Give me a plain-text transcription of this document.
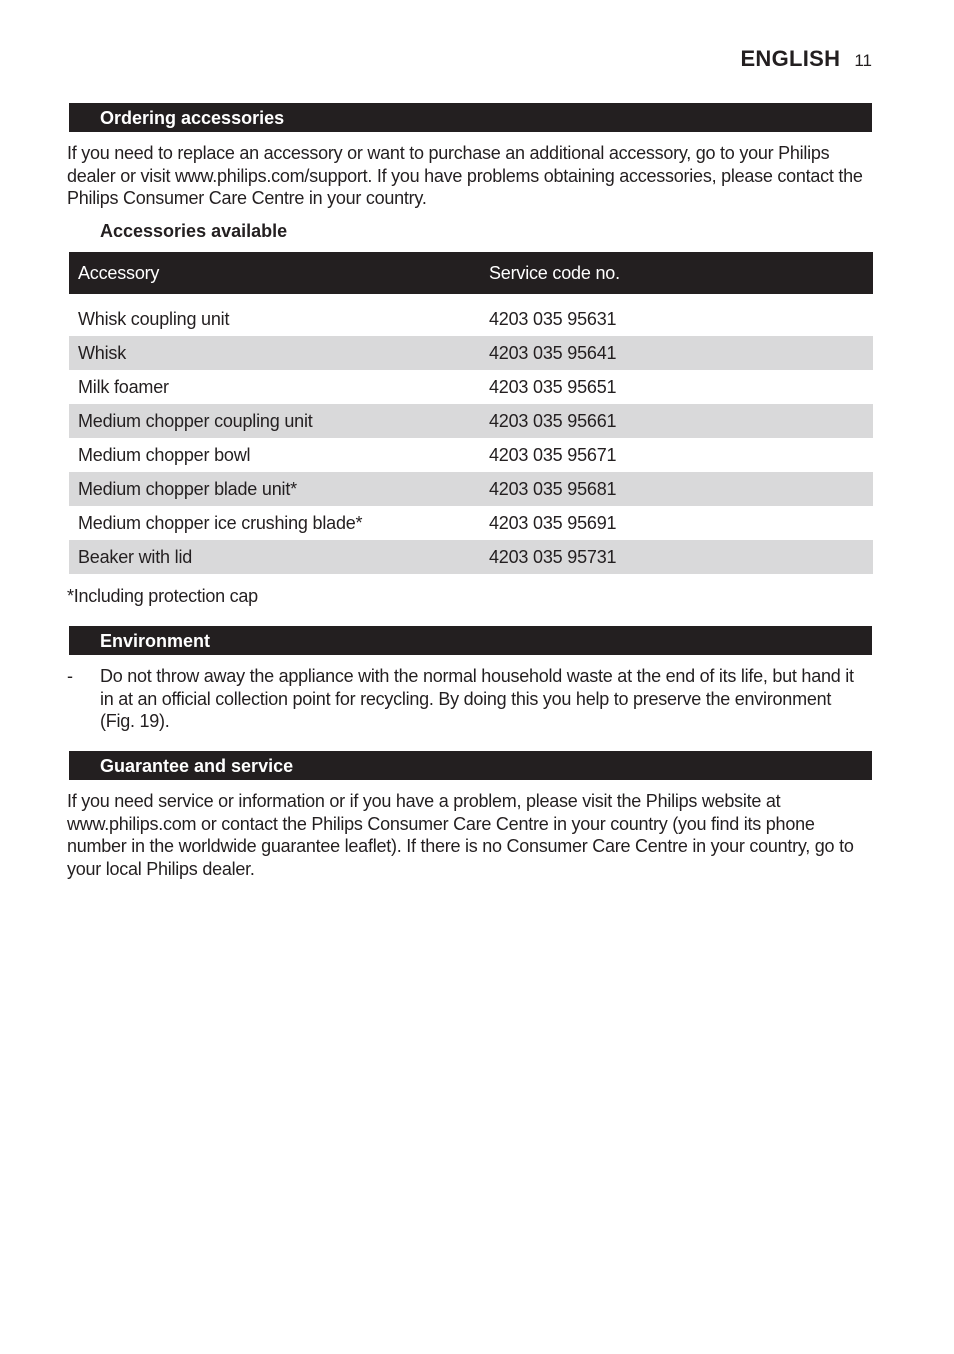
ENGLISH 11
Ordering accessories
If you need to replace an accessory or want to purchase an additional accessory, go to your Philips dealer or visit www.philips.com/support. If you have problems obtaining accessories, please contact the Philips Consumer Care Centre in your country.
Accessories available
Accessory	Service code no.

Whisk coupling unit	4203 035 95631
Whisk	4203 035 95641
Milk foamer	4203 035 95651
Medium chopper coupling unit	4203 035 95661
Medium chopper bowl	4203 035 95671
Medium chopper blade unit*	4203 035 95681
Medium chopper ice crushing blade*	4203 035 95691
Beaker with lid	4203 035 95731
*Including protection cap
Environment
-	Do not throw away the appliance with the normal household waste at the end of its life, but hand it in at an official collection point for recycling. By doing this you help to preserve the environment (Fig. 19).
Guarantee and service
If you need service or information or if you have a problem, please visit the Philips website at www.philips.com or contact the Philips Consumer Care Centre in your country (you find its phone number in the worldwide guarantee leaflet). If there is no Consumer Care Centre in your country, go to your local Philips dealer.
